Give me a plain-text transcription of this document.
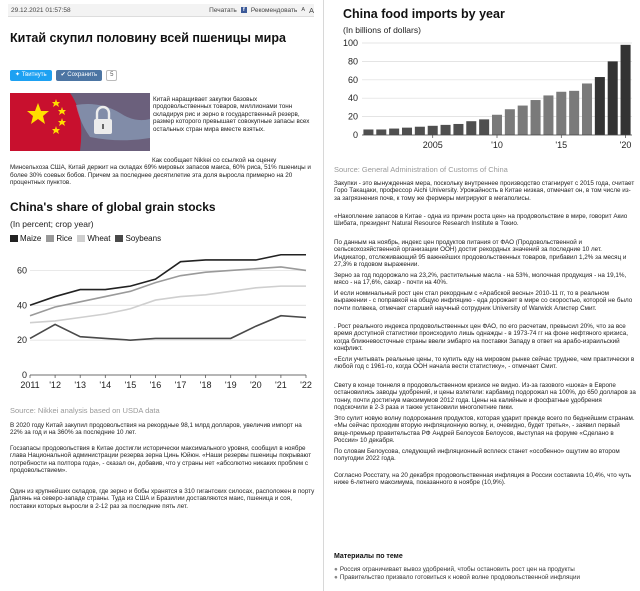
29.12.2021 01:57:58	Печатать	f Рекомендовать А А
Китай скупил половину всей пшеницы мира
✦ Твитнуть	✔ Сохранить	5
Китай наращивает закупки базовых продовольственных товаров, миллионами тонн складируя рис и зерно в государственный резерв, размер которого превышает совокупные запасы всех остальных стран мира вместе взятых.
Как сообщает Nikkei со ссылкой на оценку Минсельхоза США, Китай держит на складах 69% мировых запасов маиса, 60% риса, 51% пшеницы и более 30% соевых бобов. Причем за последнее десятилетие эта доля выросла примерно на 20 процентных пунктов.
China's share of global grain stocks
(In percent; crop year)
Maize	Rice	Wheat	Soybeans
0
20
40
60
2011 '12 '13 '14 '15 '16 '17 '18 '19 '20 '21 '22
Source: Nikkei analysis based on USDA data
В 2020 году Китай закупил продовольствия на рекордные 98,1 млрд долларов, увеличив импорт на 22% за год и на 360% за последние 10 лет.
Госзапасы продовольствия в Китае достигли исторически максимального уровня, сообщил в ноябре глава Национальной администрации резерва зерна Цинь Юйюн. «Наши резервы пшеницы покрывают потребности на полтора года», - сказал он, добавив, что у страны нет «абсолютно никаких проблем с продовольствием».
Один из крупнейших складов, где зерно и бобы хранятся в 310 гигантских силосах, расположен в порту Далянь на северо-западе страны. Туда из США и Бразилии доставляются маис, пшеница и соя, поставки которых выросли в 2-12 раз за последние пять лет.
China food imports by year
(In billions of dollars)
0
20
40
60
80
100
2005	'10	'15	'20
Source: General Administration of Customs of China
Закупки - это вынужденная мера, поскольку внутреннее производство стагнирует с 2015 года, считает Горо Такацаки, профессор Aichi University. Урожайность в Китае низкая, отмечает он, в том числе из-за загрязнения почв, к тому же фермеры мигрируют в мегаполисы.
«Накопление запасов в Китае - одна из причин роста цен» на продовольствие в мире, говорит Акио Шибата, президент Natural Resource Research Institute в Токио.
По данным на ноябрь, индекс цен продуктов питания от ФАО (Продовольственной и сельскохозяйственной организации ООН) достиг рекордных значений за последние 10 лет. Индикатор, отслеживающий 95 важнейших продовольственных товаров, прибавил 1,2% за месяц и 27,3% в годовом выражении.
Зерно за год подорожало на 23,2%, растительные масла - на 53%, молочная продукция - на 19,1%, мясо - на 17,6%, сахар - почти на 40%.
И если номинальный рост цен стал рекордным с «Арабской весны» 2010-11 гг, то в реальном выражении - с поправкой на общую инфляцию - еда дорожает в мире со скоростью, которой не было почти полвека, отмечает старший научный сотрудник University of Warwick Алистер Смит.
. Рост реального индекса продовольственных цен ФАО, по его расчетам, превысил 20%, что за все время доступной статистики происходило лишь однажды - в 1973-74 гг на фоне нефтяного кризиса, когда ближневосточные страны ввели эмбарго на поставки Западу в ответ на арабо-израильский конфликт.
«Если учитывать реальные цены, то купить еду на мировом рынке сейчас труднее, чем практически в любой год с 1961-го, когда ООН начала вести статистику», - отмечает Смит.
Свету в конце тоннеля в продовольственном кризисе не видно. Из-за газового «шока» в Европе остановились заводы удобрений, и цены взлетели: карбамид подорожал на 100%, до 650 долларов за тонну, почти достигнув максимумов 2012 года. Цены на калийные и фосфатные удобрения подскочили в 2-3 раза и также установили многолетние пики.
Это сулит новую волну подорожания продуктов, которая ударит прежде всего по беднейшим странам. «Мы сейчас проходим вторую инфляционную волну, и, очевидно, будет третья», - заявил первый вице-премьер правительства РФ Андрей Белоусов Белоусов, выступая на форуме «Сделано в России» 10 декабря.
По словам Белоусова, следующий инфляционный всплеск станет «особенно» ощутим во втором полугодии 2022 года.
Согласно Росстату, на 20 декабря продовольственная инфляция в России составила 10,4%, что чуть ниже 6-летнего максимума, показанного в ноябре (10,9%).
Материалы по теме
● Россия ограничивает вывоз удобрений, чтобы остановить рост цен на продукты
● Правительство призвало готовиться к новой волне продовольственной инфляции
